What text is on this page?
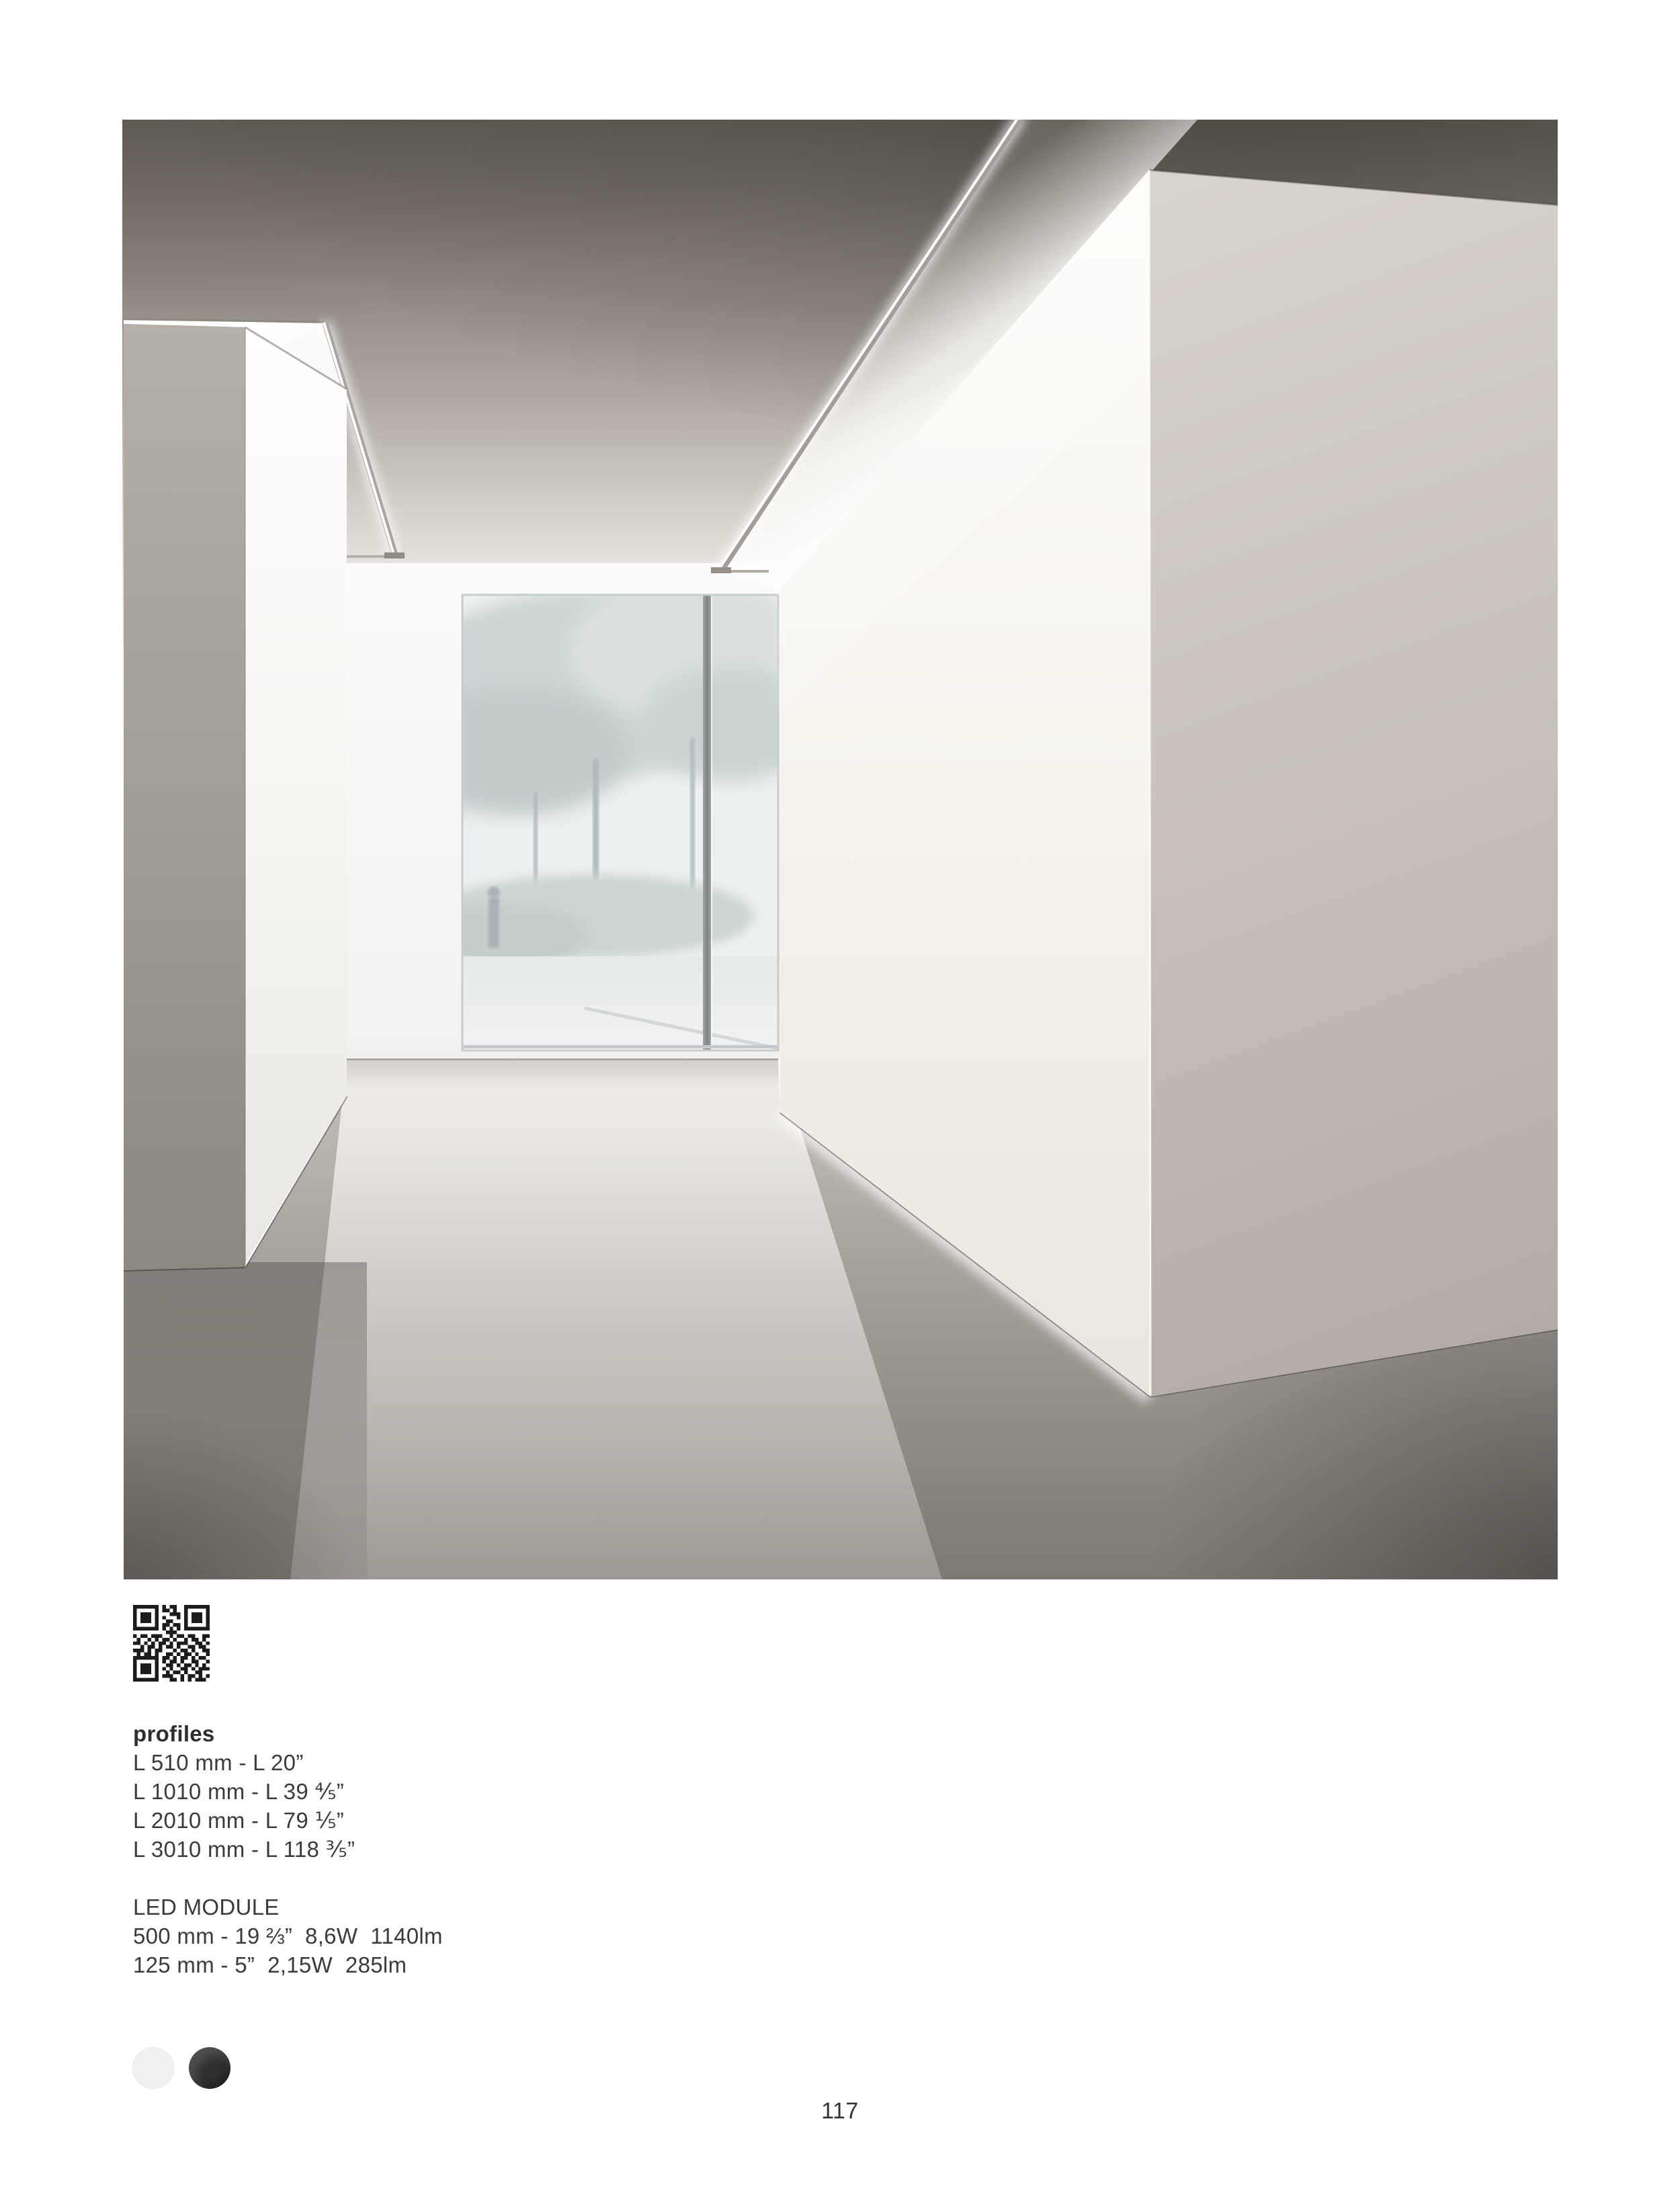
profiles
L 510 mm - L 20”
L 1010 mm - L 39 ⅘”
L 2010 mm - L 79 ⅕”
L 3010 mm - L 118 ⅗”
LED MODULE
500 mm - 19 ⅔”  8,6W  1140lm
125 mm - 5”  2,15W  285lm
117
